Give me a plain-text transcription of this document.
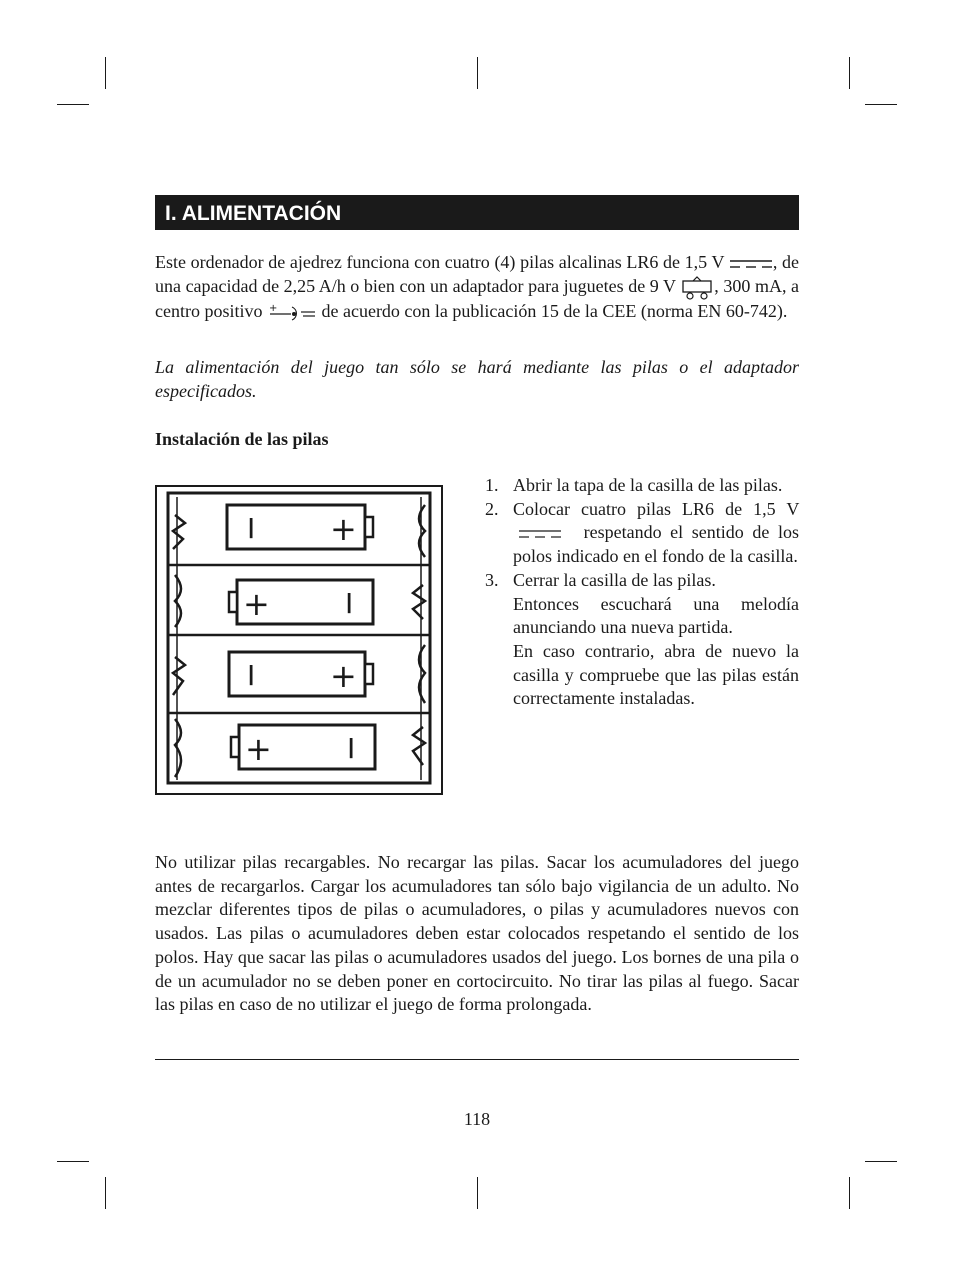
I. ALIMENTACIÓN

Este ordenador de ajedrez funciona con cuatro (4) pilas alcalinas LR6 de 1,5 V	, de una capacidad de 2,25 A/h o bien con un adaptador para juguetes de 9 V , 300 mA, a centro positivo + de acuerdo con la publicación 15 de la CEE (norma EN 60-742).

La alimentación del juego tan sólo se hará mediante las pilas o el adaptador especificados.

Instalación de las pilas
I +
+	I
I +
+	I
1. Abrir la tapa de la casilla de las pilas.
2. Colocar cuatro pilas LR6 de 1,5 V  respetando el sentido de los polos indicado en el fondo de la casilla.
3. Cerrar la casilla de las pilas.
Entonces escuchará una melodía anunciando una nueva partida.
En caso contrario, abra de nuevo la casilla y compruebe que las pilas están correctamente instaladas.

No utilizar pilas recargables. No recargar las pilas. Sacar los acumuladores del juego antes de recargarlos. Cargar los acumuladores tan sólo bajo vigilancia de un adulto. No mezclar diferentes tipos de pilas o acumuladores, o pilas y acumuladores nuevos con usados. Las pilas o acumuladores deben estar colocados respetando el sentido de los polos. Hay que sacar las pilas o acumuladores usados del juego. Los bornes de una pila o de un acumulador no se deben poner en cortocircuito. No tirar las pilas al fuego. Sacar las pilas en caso de no utilizar el juego de forma prolongada.

118
